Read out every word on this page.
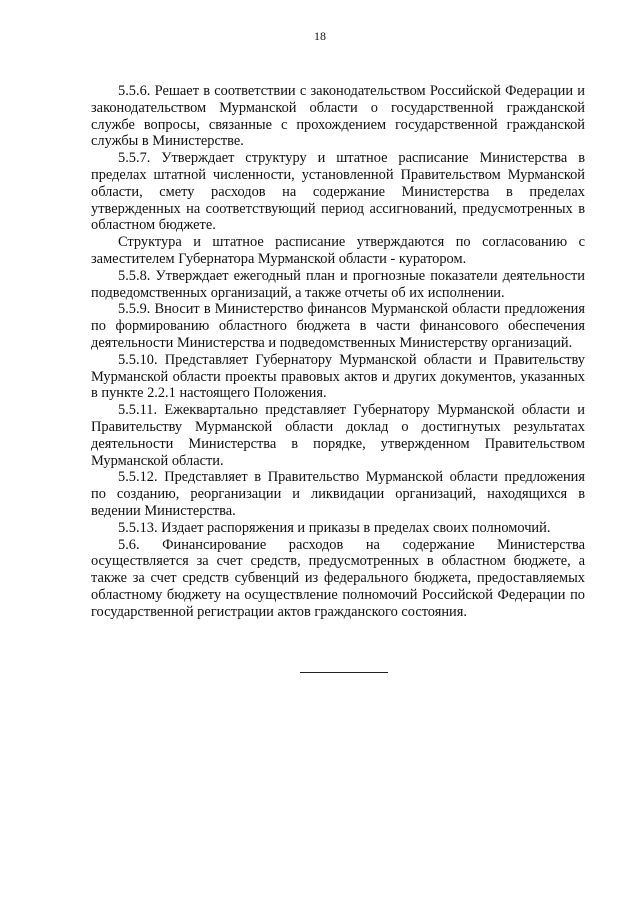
18

5.5.6. Решает в соответствии с законодательством Российской Федерации и законодательством Мурманской области о государственной гражданской службе вопросы, связанные с прохождением государственной гражданской службы в Министерстве.

5.5.7. Утверждает структуру и штатное расписание Министерства в пределах штатной численности, установленной Правительством Мурманской области, смету расходов на содержание Министерства в пределах утвержденных на соответствующий период ассигнований, предусмотренных в областном бюджете.

Структура и штатное расписание утверждаются по согласованию с заместителем Губернатора Мурманской области - куратором.

5.5.8. Утверждает ежегодный план и прогнозные показатели деятельности подведомственных организаций, а также отчеты об их исполнении.

5.5.9. Вносит в Министерство финансов Мурманской области предложения по формированию областного бюджета в части финансового обеспечения деятельности Министерства и подведомственных Министерству организаций.

5.5.10. Представляет Губернатору Мурманской области и Правительству Мурманской области проекты правовых актов и других документов, указанных в пункте 2.2.1 настоящего Положения.

5.5.11. Ежеквартально представляет Губернатору Мурманской области и Правительству Мурманской области доклад о достигнутых результатах деятельности Министерства в порядке, утвержденном Правительством Мурманской области.

5.5.12. Представляет в Правительство Мурманской области предложения по созданию, реорганизации и ликвидации организаций, находящихся в ведении Министерства.

5.5.13. Издает распоряжения и приказы в пределах своих полномочий.

5.6. Финансирование расходов на содержание Министерства осуществляется за счет средств, предусмотренных в областном бюджете, а также за счет средств субвенций из федерального бюджета, предоставляемых областному бюджету на осуществление полномочий Российской Федерации по государственной регистрации актов гражданского состояния.
